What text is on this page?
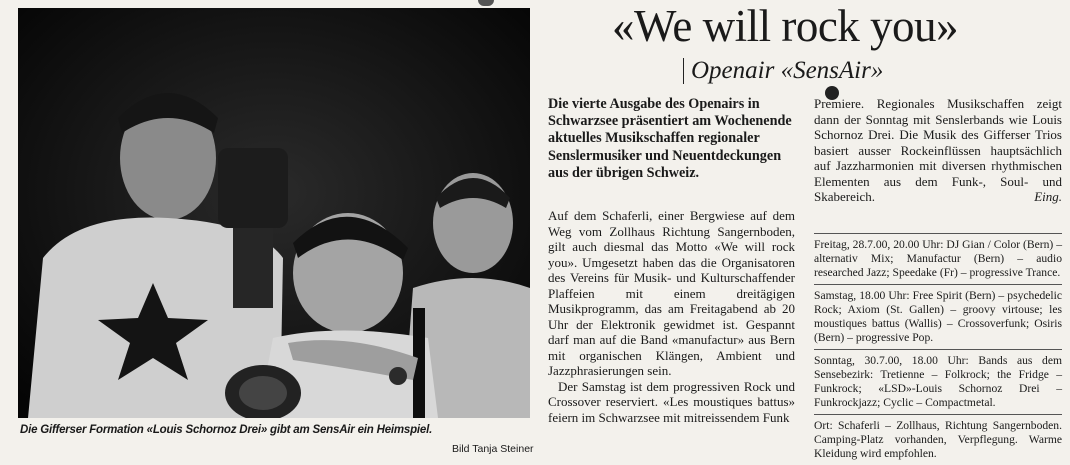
Die Gifferser Formation «Louis Schornoz Drei» gibt am SensAir ein Heimspiel.
Bild Tanja Steiner
«We will rock you»
Openair «SensAir»

Die vierte Ausgabe des Openairs in Schwarzsee präsentiert am Wochenende aktuelles Musikschaffen regionaler Senslermusiker und Neuentdeckungen aus der übrigen Schweiz.

Auf dem Schaferli, einer Bergwiese auf dem Weg vom Zollhaus Richtung Sangernboden, gilt auch diesmal das Motto «We will rock you». Umgesetzt haben das die Organisatoren des Vereins für Musik- und Kulturschaffender Plaffeien mit einem dreitägigen Musikprogramm, das am Freitagabend ab 20 Uhr der Elektronik gewidmet ist. Gespannt darf man auf die Band «manufactur» aus Bern mit organischen Klängen, Ambient und Jazzphrasierungen sein.

Der Samstag ist dem progressiven Rock und Crossover reserviert. «Les moustiques battus» feiern im Schwarzsee mit mitreissendem Funk

Premiere. Regionales Musikschaffen zeigt dann der Sonntag mit Senslerbands wie Louis Schornoz Drei. Die Musik des Gifferser Trios basiert ausser Rockeinflüssen hauptsächlich auf Jazzharmonien mit diversen rhythmischen Elementen aus dem Funk-, Soul- und Skabereich.	Eing.

Freitag, 28.7.00, 20.00 Uhr: DJ Gian / Color (Bern) – alternativ Mix; Manufactur (Bern) – audio researched Jazz; Speedake (Fr) – progressive Trance.

Samstag, 18.00 Uhr: Free Spirit (Bern) – psychedelic Rock; Axiom (St. Gallen) – groovy virtouse; les moustiques battus (Wallis) – Crossoverfunk; Osiris (Bern) – progressive Pop.

Sonntag, 30.7.00, 18.00 Uhr: Bands aus dem Sensebezirk: Tretienne – Folkrock; the Fridge – Funkrock; «LSD»-Louis Schornoz Drei – Funkrockjazz; Cyclic – Compactmetal.

Ort: Schaferli – Zollhaus, Richtung Sangernboden. Camping-Platz vorhanden, Verpflegung. Warme Kleidung wird empfohlen.
